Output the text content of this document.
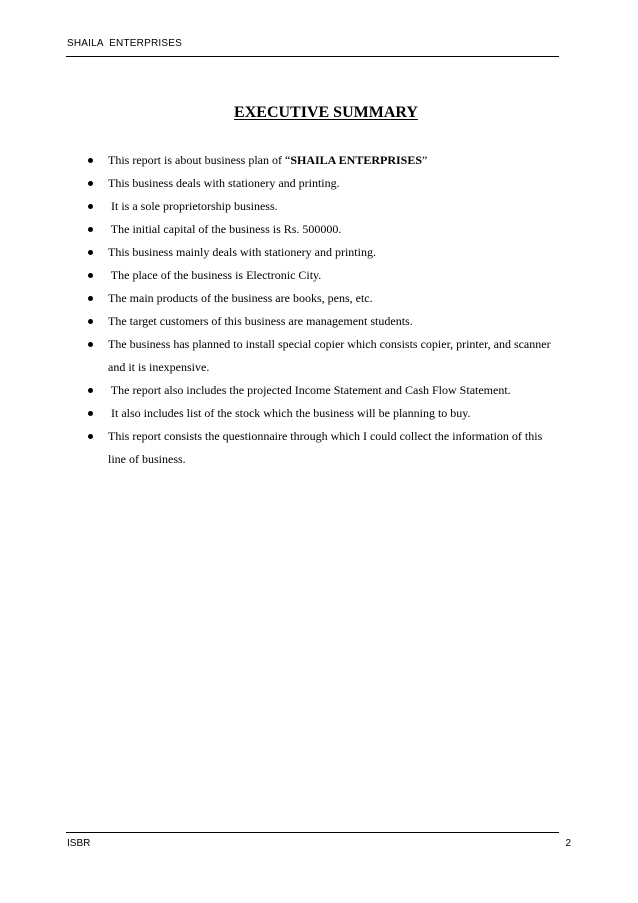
SHAILA  ENTERPRISES
EXECUTIVE SUMMARY
This report is about business plan of “SHAILA ENTERPRISES”
This business deals with stationery and printing.
It is a sole proprietorship business.
The initial capital of the business is Rs. 500000.
This business mainly deals with stationery and printing.
The place of the business is Electronic City.
The main products of the business are books, pens, etc.
The target customers of this business are management students.
The business has planned to install special copier which consists copier, printer, and scanner and it is inexpensive.
The report also includes the projected Income Statement and Cash Flow Statement.
It also includes list of the stock which the business will be planning to buy.
This report consists the questionnaire through which I could collect the information of this line of business.
ISBR	2
